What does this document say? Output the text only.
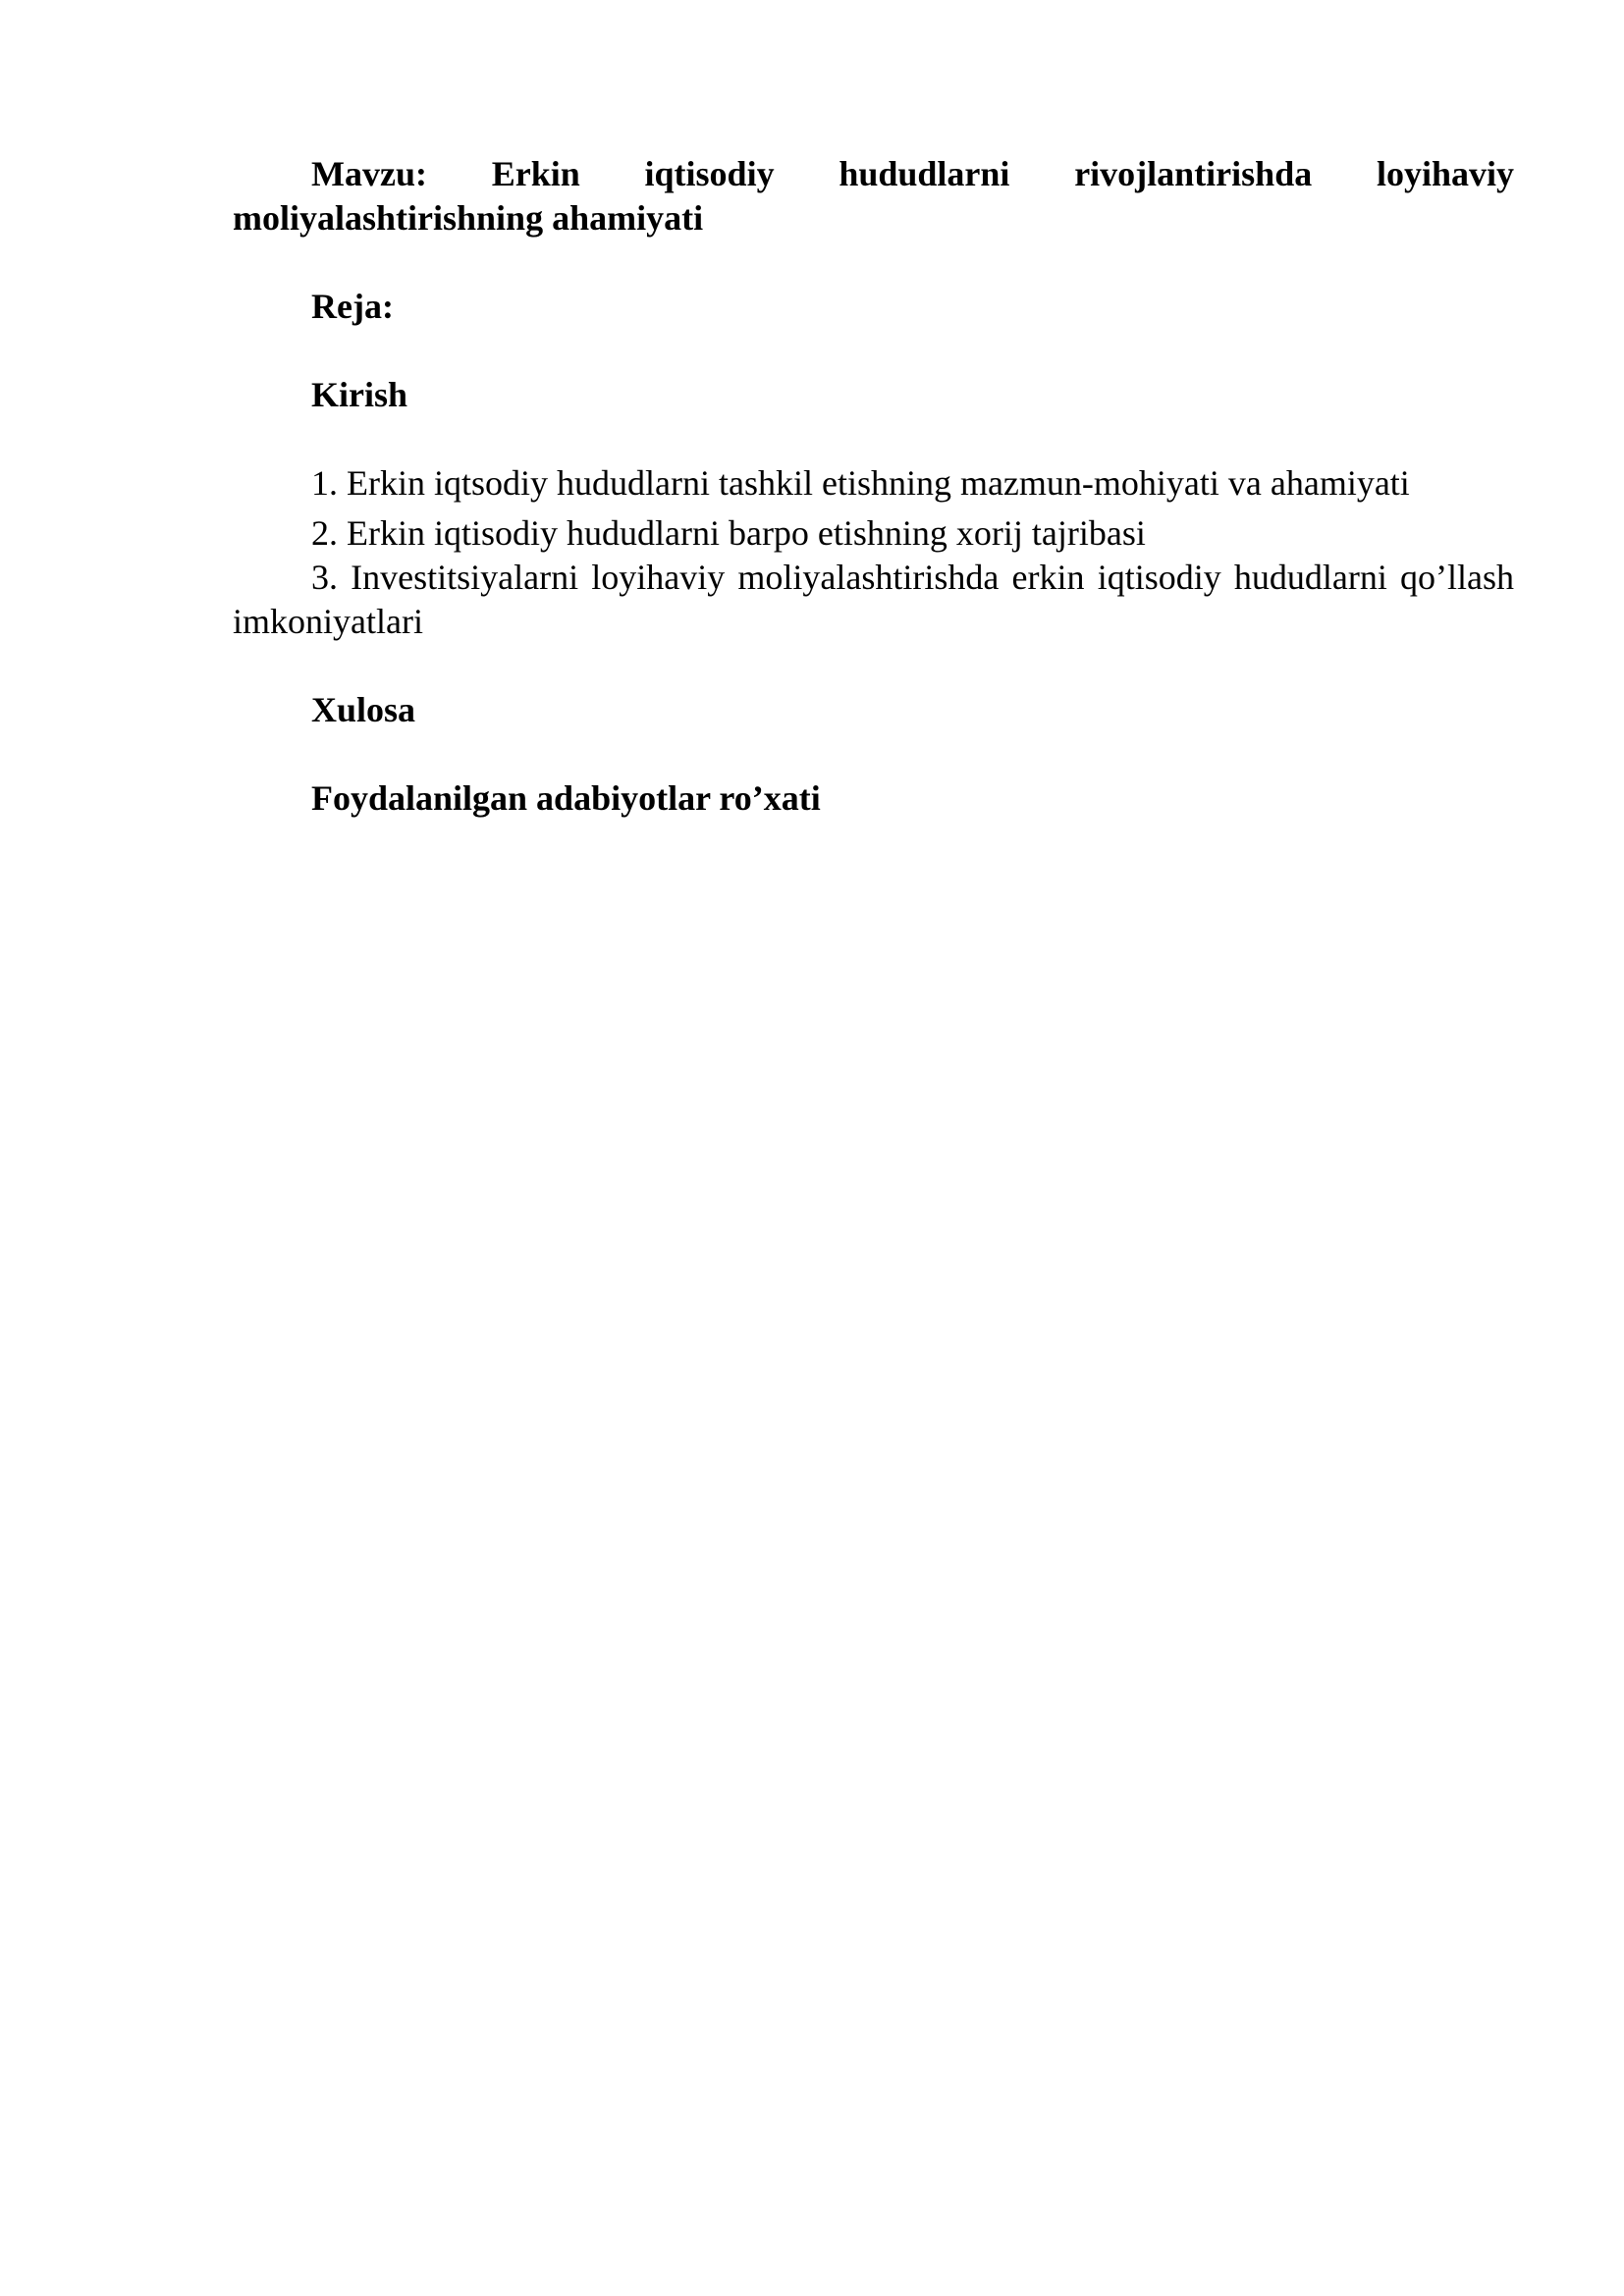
Mavzu: Erkin iqtisodiy hududlarni rivojlantirishda loyihaviy moliyalashtirishning ahamiyati

Reja:

Kirish

1. Erkin iqtsodiy hududlarni tashkil etishning mazmun-mohiyati va ahamiyati

2. Erkin iqtisodiy hududlarni barpo etishning xorij tajribasi

3. Investitsiyalarni loyihaviy moliyalashtirishda erkin iqtisodiy hududlarni qo’llash imkoniyatlari

Xulosa

Foydalanilgan adabiyotlar ro’xati
